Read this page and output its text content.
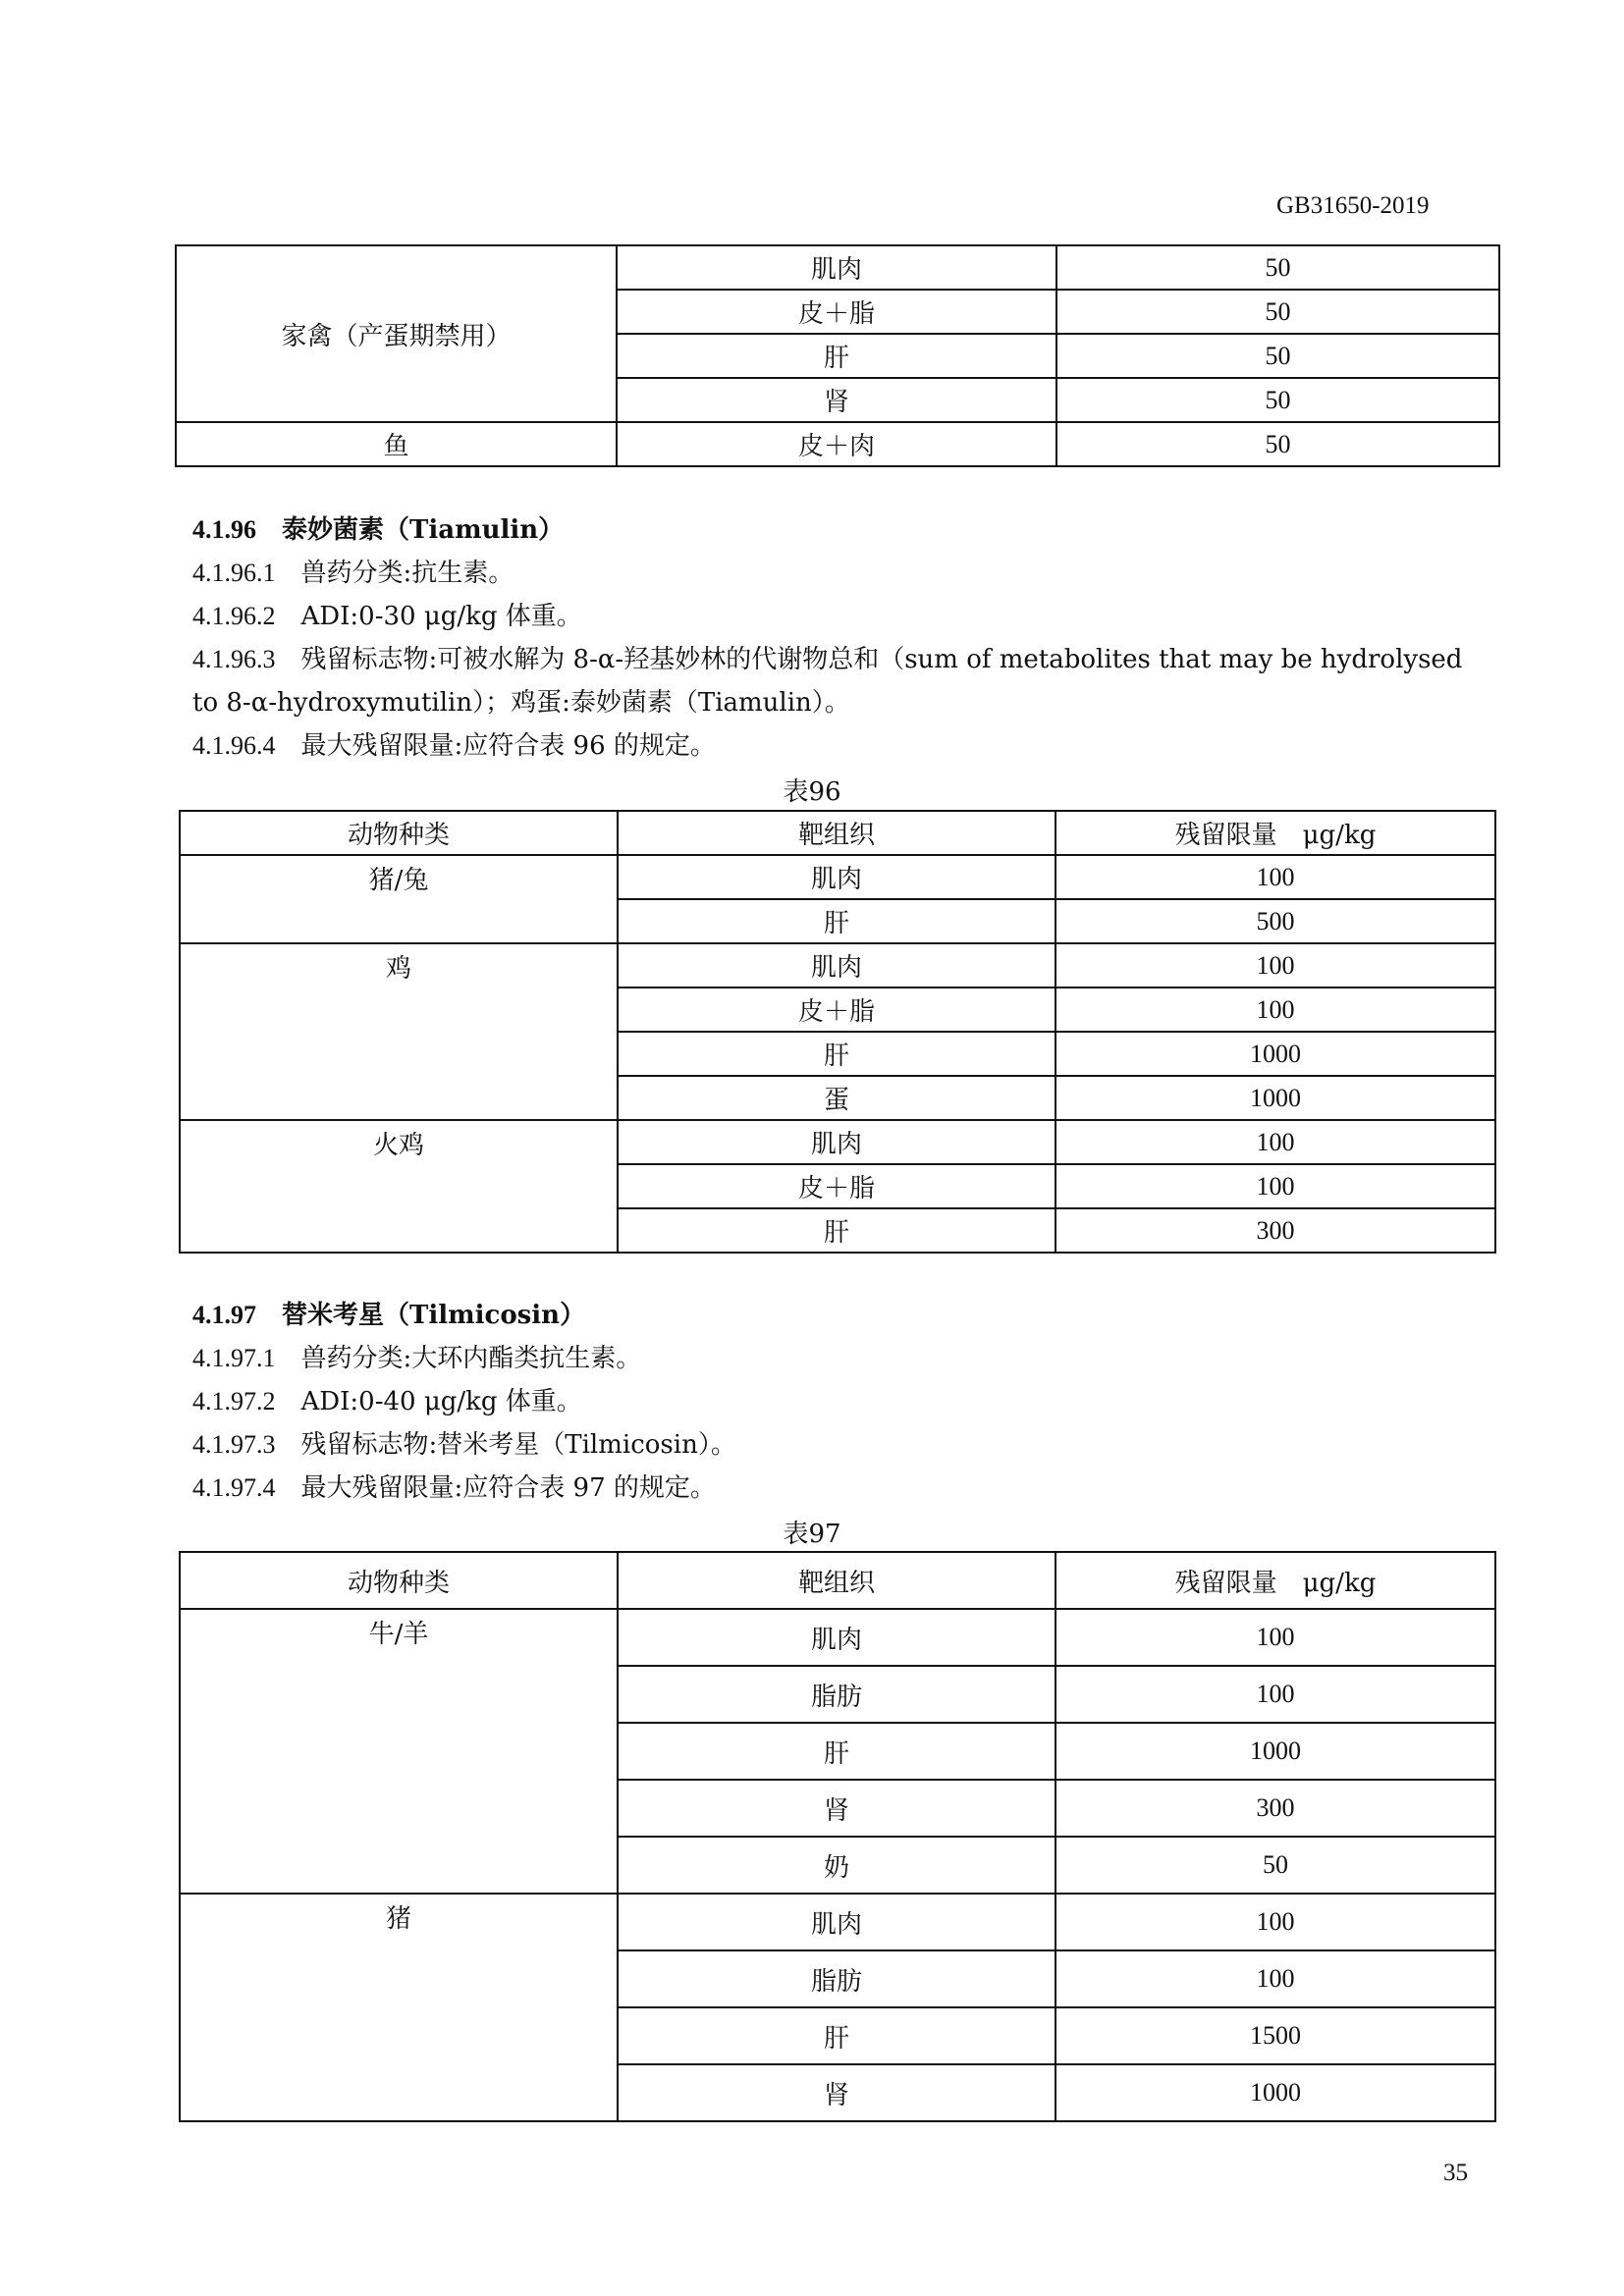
GB31650-2019
家禽（产蛋期禁用）	肌肉	50
	皮＋脂	50
	肝	50
	肾	50
鱼	皮＋肉	50
4.1.96 泰妙菌素（Tiamulin）
4.1.96.1 兽药分类:抗生素。
4.1.96.2 ADI:0-30 μg/kg 体重。
4.1.96.3 残留标志物:可被水解为 8-α-羟基妙林的代谢物总和（sum of metabolites that may be hydrolysed
to 8-α-hydroxymutilin）；鸡蛋:泰妙菌素（Tiamulin）。
4.1.96.4 最大残留限量:应符合表 96 的规定。
表96
动物种类	靶组织	残留限量　μg/kg
猪/兔	肌肉	100
	肝	500
鸡	肌肉	100
	皮＋脂	100
	肝	1000
	蛋	1000
火鸡	肌肉	100
	皮＋脂	100
	肝	300
4.1.97 替米考星（Tilmicosin）
4.1.97.1 兽药分类:大环内酯类抗生素。
4.1.97.2 ADI:0-40 μg/kg 体重。
4.1.97.3 残留标志物:替米考星（Tilmicosin）。
4.1.97.4 最大残留限量:应符合表 97 的规定。
表97
动物种类	靶组织	残留限量　μg/kg
牛/羊	肌肉	100
	脂肪	100
	肝	1000
	肾	300
	奶	50
猪	肌肉	100
	脂肪	100
	肝	1500
	肾	1000
35
